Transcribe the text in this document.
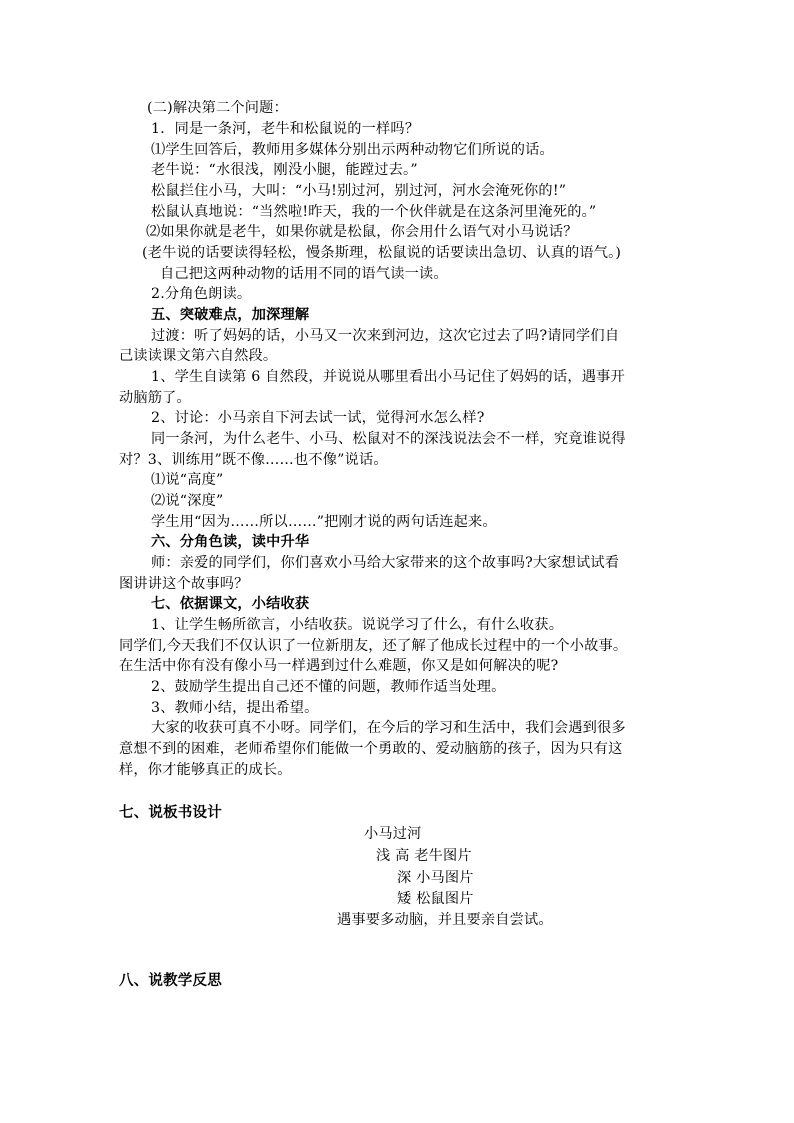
(二)解决第二个问题：
1．同是一条河，老牛和松鼠说的一样吗？
⑴学生回答后，教师用多媒体分别出示两种动物它们所说的话。
老牛说：“水很浅，刚没小腿，能蹚过去。”
松鼠拦住小马，大叫：“小马!别过河，别过河，河水会淹死你的!”
松鼠认真地说：“当然啦!昨天，我的一个伙伴就是在这条河里淹死的。”
⑵如果你就是老牛，如果你就是松鼠，你会用什么语气对小马说话？
(老牛说的话要读得轻松，慢条斯理，松鼠说的话要读出急切、认真的语气。)
自己把这两种动物的话用不同的语气读一读。
2.分角色朗读。
五、突破难点，加深理解
过渡：听了妈妈的话，小马又一次来到河边，这次它过去了吗?请同学们自
己读读课文第六自然段。
1、学生自读第 6 自然段，并说说从哪里看出小马记住了妈妈的话，遇事开
动脑筋了。
2、讨论：小马亲自下河去试一试，觉得河水怎么样?
同一条河，为什么老牛、小马、松鼠对不的深浅说法会不一样，究竟谁说得
对？3、训练用”既不像……也不像”说话。
⑴说“高度”
⑵说“深度”
学生用“因为……所以……”把刚才说的两句话连起来。
六、分角色读，读中升华
师：亲爱的同学们，你们喜欢小马给大家带来的这个故事吗?大家想试试看
图讲讲这个故事吗？
七、依据课文，小结收获
1、让学生畅所欲言，小结收获。说说学习了什么，有什么收获。
同学们,今天我们不仅认识了一位新朋友，还了解了他成长过程中的一个小故事。
在生活中你有没有像小马一样遇到过什么难题，你又是如何解决的呢?
2、鼓励学生提出自己还不懂的问题，教师作适当处理。
3、教师小结，提出希望。
大家的收获可真不小呀。同学们，在今后的学习和生活中，我们会遇到很多
意想不到的困难，老师希望你们能做一个勇敢的、爱动脑筋的孩子，因为只有这
样，你才能够真正的成长。
七、说板书设计
小马过河
浅 高 老牛图片
深 小马图片
矮 松鼠图片
遇事要多动脑，并且要亲自尝试。
八、说教学反思
